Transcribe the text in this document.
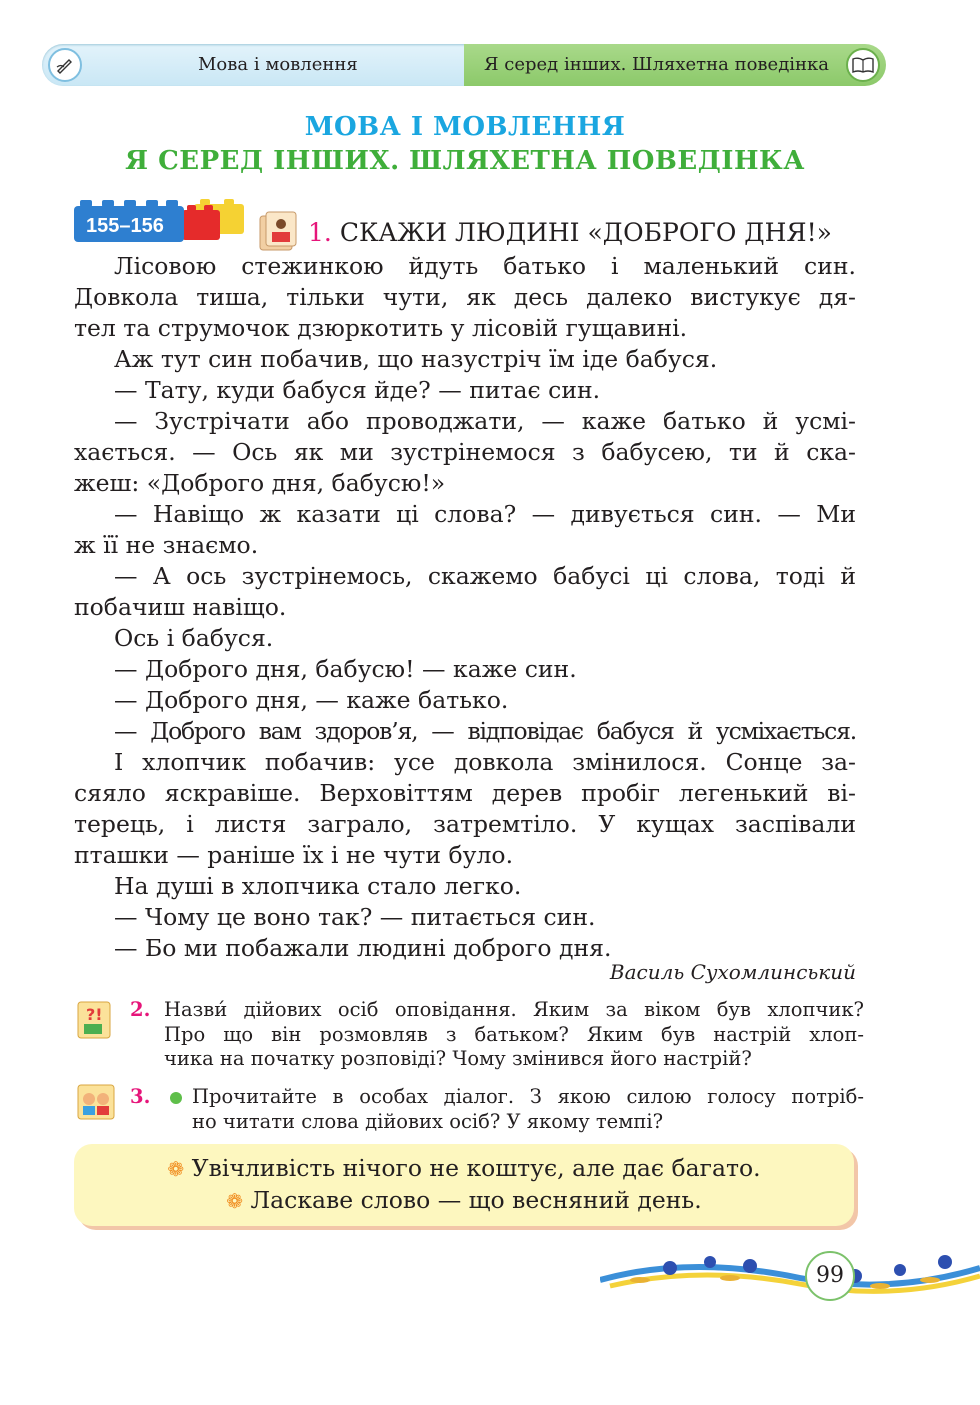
Мова і мовлення	Я серед інших. Шляхетна поведінка
МОВА І МОВЛЕННЯ
Я СЕРЕД ІНШИХ. ШЛЯХЕТНА ПОВЕДІНКА
155–156	1. СКАЖИ ЛЮДИНІ «ДОБРОГО ДНЯ!»
Лісовою стежинкою йдуть батько і маленький син.
Довкола тиша, тільки чути, як десь далеко вистукує дя-
тел та струмочок дзюркотить у лісовій гущавині.
Аж тут син побачив, що назустріч їм іде бабуся.
— Тату, куди бабуся йде? — питає син.
— Зустрічати або проводжати, — каже батько й усмі-
хається. — Ось як ми зустрінемося з бабусею, ти й ска-
жеш: «Доброго дня, бабусю!»
— Навіщо ж казати ці слова? — дивується син. — Ми
ж її не знаємо.
— А ось зустрінемось, скажемо бабусі ці слова, тоді й
побачиш навіщо.
Ось і бабуся.
— Доброго дня, бабусю! — каже син.
— Доброго дня, — каже батько.
— Доброго вам здоров’я, — відповідає бабуся й усміхається.
І хлопчик побачив: усе довкола змінилося. Сонце за-
сяяло яскравіше. Верховіттям дерев пробіг легенький ві-
терець, і листя заграло, затремтіло. У кущах заспівали
пташки — раніше їх і не чути було.
На душі в хлопчика стало легко.
— Чому це воно так? — питається син.
— Бо ми побажали людині доброго дня.
Василь Сухомлинський
?! 2. Назви́ дійових осіб оповідання. Яким за віком був хлопчик?
Про що він розмовляв з батьком? Яким був настрій хлоп-
чика на початку розповіді? Чому змінився його настрій?
3. Прочитайте в особах діалог. З якою силою голосу потріб-
но читати слова дійових осіб? У якому темпі?
❁ Увічливість нічого не коштує, але дає багато.
❁ Ласкаве слово — що весняний день.
99
